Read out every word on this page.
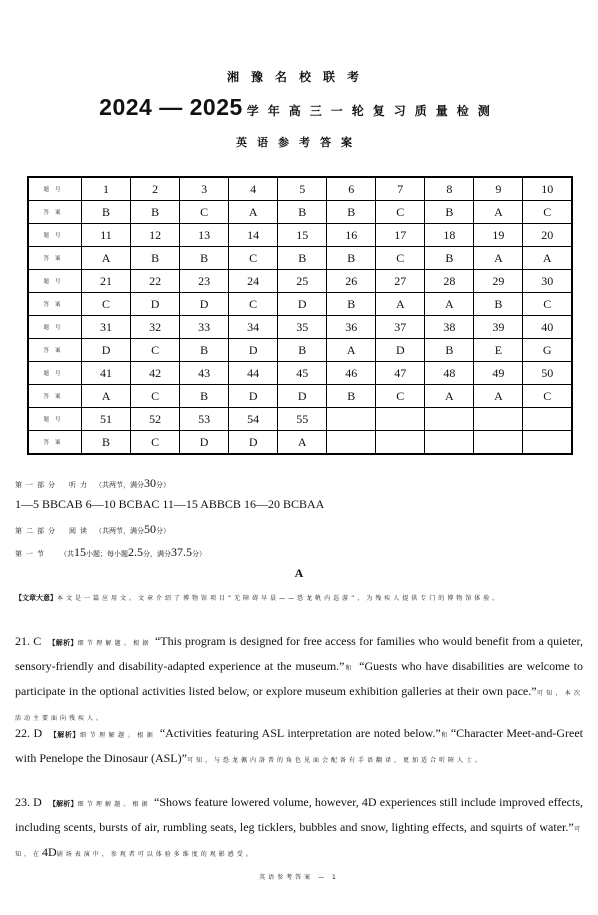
湘豫名校联考
2024 — 2025 学年高三一轮复习质量检测
英语参考答案
题号	1	2	3	4	5	6	7	8	9	10
答案	B	B	C	A	B	B	C	B	A	C
题号	11	12	13	14	15	16	17	18	19	20
答案	A	B	B	C	B	B	C	B	A	A
题号	21	22	23	24	25	26	27	28	29	30
答案	C	D	D	C	D	B	A	A	B	C
题号	31	32	33	34	35	36	37	38	39	40
答案	D	C	B	D	B	A	D	B	E	G
题号	41	42	43	44	45	46	47	48	49	50
答案	A	C	B	D	D	B	C	A	A	C
题号	51	52	53	54	55					
答案	B	C	D	D	A					
第一部分 听力 （共两节，满分30分）
1—5 BBCAB 6—10 BCBAC 11—15 ABBCB 16—20 BCBAA
第二部分 阅读 （共两节，满分50分）
第一节 （共15小题；每小题2.5分，满分37.5分）
A
【文章大意】本文是一篇应用文。文章介绍了博物馆项目“无障碍早晨——恐龙帆内巡游”，为残疾人提供专门的博物馆体验。
21. C 【解析】细节理解题。根据 “This program is designed for free access for families who would benefit from a quieter, sensory-friendly and disability-adapted experience at the museum.”和 “Guests who have disabilities are welcome to participate in the optional activities listed below, or explore museum exhibition galleries at their own pace.”可知，本次活动主要面向残疾人。
22. D 【解析】细节理解题。根据 “Activities featuring ASL interpretation are noted below.”和“Character Meet-and-Greet with Penelope the Dinosaur (ASL)”可知，与恐龙佩内洛普的角色见面会配备有手语翻译，更加适合听障人士。
23. D 【解析】细节理解题。根据 “Shows feature lowered volume, however, 4D experiences still include improved effects, including scents, bursts of air, rumbling seats, leg ticklers, bubbles and snow, lighting effects, and squirts of water.”可知，在4D剧场表演中，参观者可以体验多维度的观影感受。
英语参考答案 — 1
